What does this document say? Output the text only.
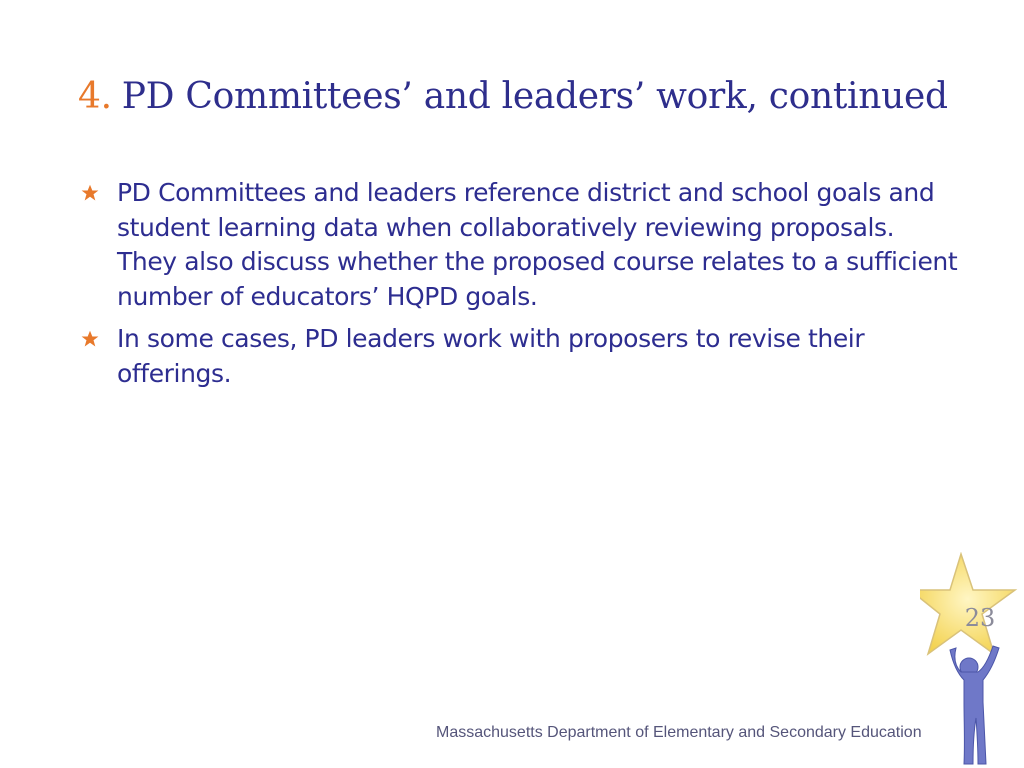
4. PD Committees’ and leaders’ work, continued
PD Committees and leaders reference district and school goals and student learning data when collaboratively reviewing proposals. They also discuss whether the proposed course relates to a sufficient number of educators’ HQPD goals.
In some cases, PD leaders work with proposers to revise their offerings.
23
Massachusetts Department of Elementary and Secondary Education
